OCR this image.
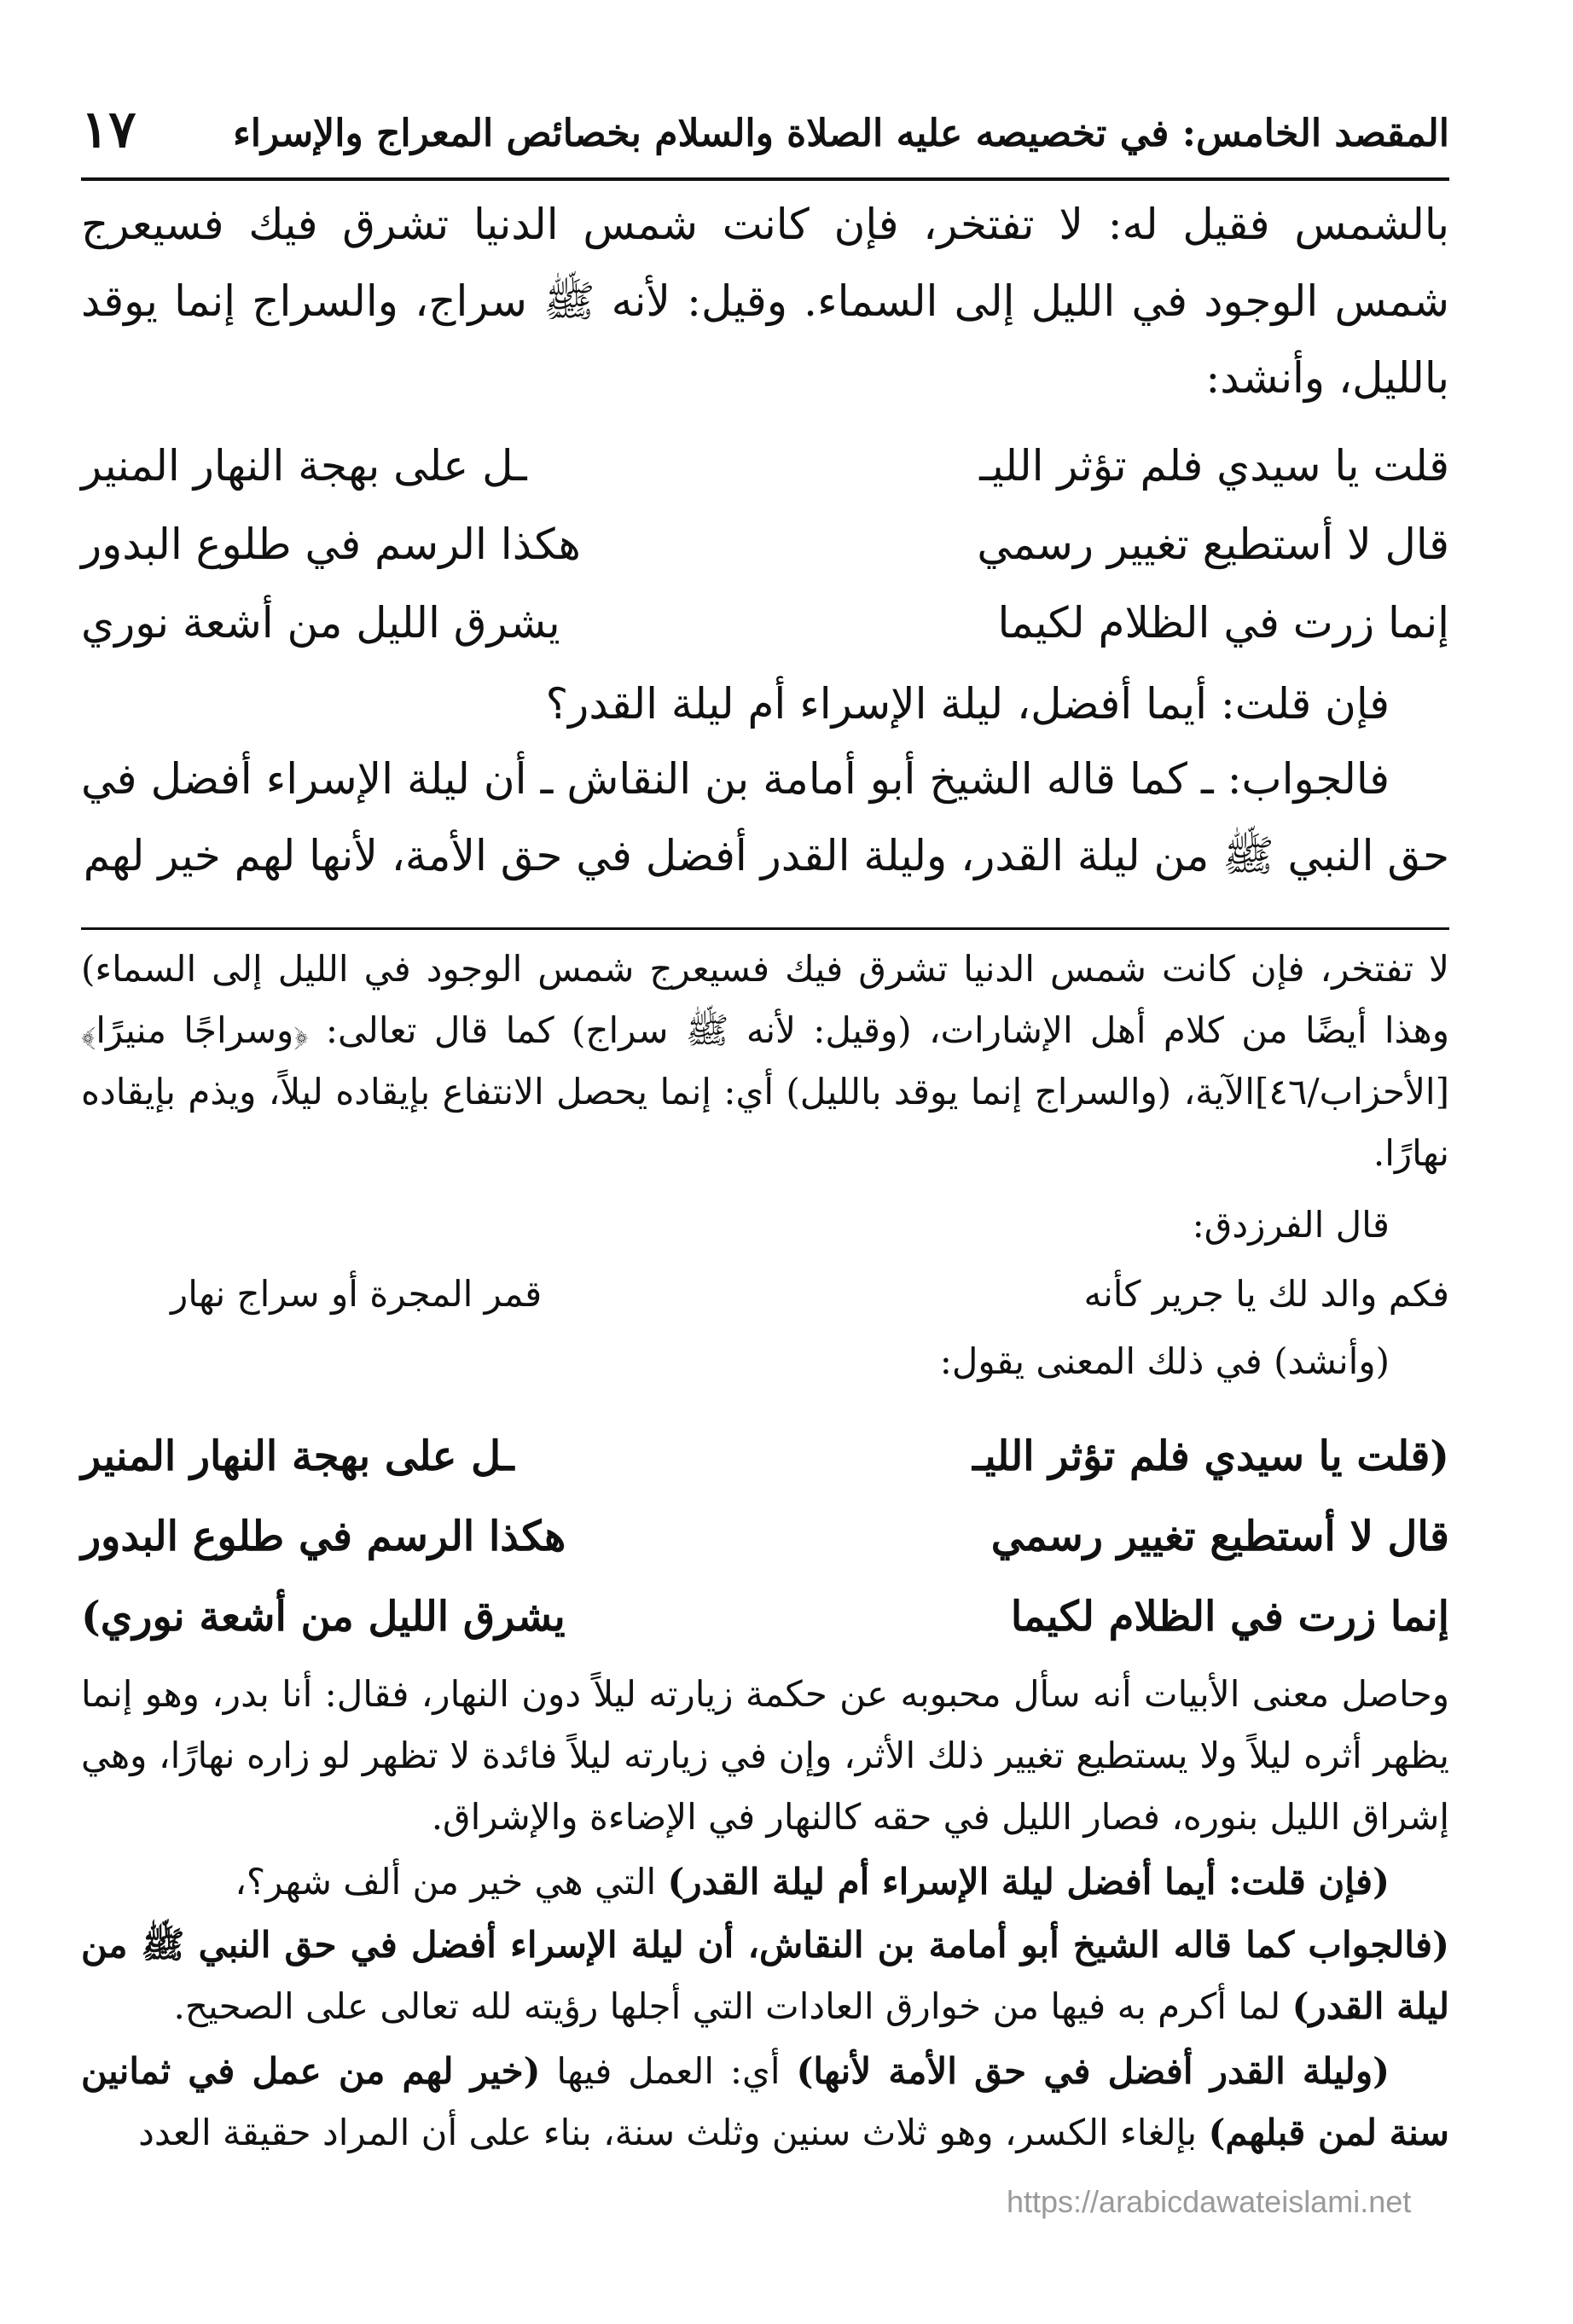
المقصد الخامس: في تخصيصه عليه الصلاة والسلام بخصائص المعراج والإسراء
١٧

بالشمس فقيل له: لا تفتخر، فإن كانت شمس الدنيا تشرق فيك فسيعرج شمس الوجود في الليل إلى السماء. وقيل: لأنه ﷺ سراج، والسراج إنما يوقد بالليل، وأنشد:

قلت يا سيدي فلم تؤثر الليـ
ـل على بهجة النهار المنير
قال لا أستطيع تغيير رسمي
هكذا الرسم في طلوع البدور
إنما زرت في الظلام لكيما
يشرق الليل من أشعة نوري

فإن قلت: أيما أفضل، ليلة الإسراء أم ليلة القدر؟

فالجواب: ـ كما قاله الشيخ أبو أمامة بن النقاش ـ أن ليلة الإسراء أفضل في حق النبي ﷺ من ليلة القدر، وليلة القدر أفضل في حق الأمة، لأنها لهم خير لهم

لا تفتخر، فإن كانت شمس الدنيا تشرق فيك فسيعرج شمس الوجود في الليل إلى السماء) وهذا أيضًا من كلام أهل الإشارات، (وقيل: لأنه ﷺ سراج) كما قال تعالى: ﴿وسراجًا منيرًا﴾ [الأحزاب/٤٦]الآية، (والسراج إنما يوقد بالليل) أي: إنما يحصل الانتفاع بإيقاده ليلاً، ويذم بإيقاده نهارًا.

قال الفرزدق:

فكم والد لك يا جرير كأنه
قمر المجرة أو سراج نهار

(وأنشد) في ذلك المعنى يقول:

(قلت يا سيدي فلم تؤثر الليـ
ـل على بهجة النهار المنير
قال لا أستطيع تغيير رسمي
هكذا الرسم في طلوع البدور
إنما زرت في الظلام لكيما
يشرق الليل من أشعة نوري)

وحاصل معنى الأبيات أنه سأل محبوبه عن حكمة زيارته ليلاً دون النهار، فقال: أنا بدر، وهو إنما يظهر أثره ليلاً ولا يستطيع تغيير ذلك الأثر، وإن في زيارته ليلاً فائدة لا تظهر لو زاره نهارًا، وهي إشراق الليل بنوره، فصار الليل في حقه كالنهار في الإضاءة والإشراق.

(فإن قلت: أيما أفضل ليلة الإسراء أم ليلة القدر) التي هي خير من ألف شهر؟،

(فالجواب كما قاله الشيخ أبو أمامة بن النقاش، أن ليلة الإسراء أفضل في حق النبي ﷺ من ليلة القدر) لما أكرم به فيها من خوارق العادات التي أجلها رؤيته لله تعالى على الصحيح.

(وليلة القدر أفضل في حق الأمة لأنها) أي: العمل فيها (خير لهم من عمل في ثمانين سنة لمن قبلهم) بإلغاء الكسر، وهو ثلاث سنين وثلث سنة، بناء على أن المراد حقيقة العدد

https://arabicdawateislami.net
